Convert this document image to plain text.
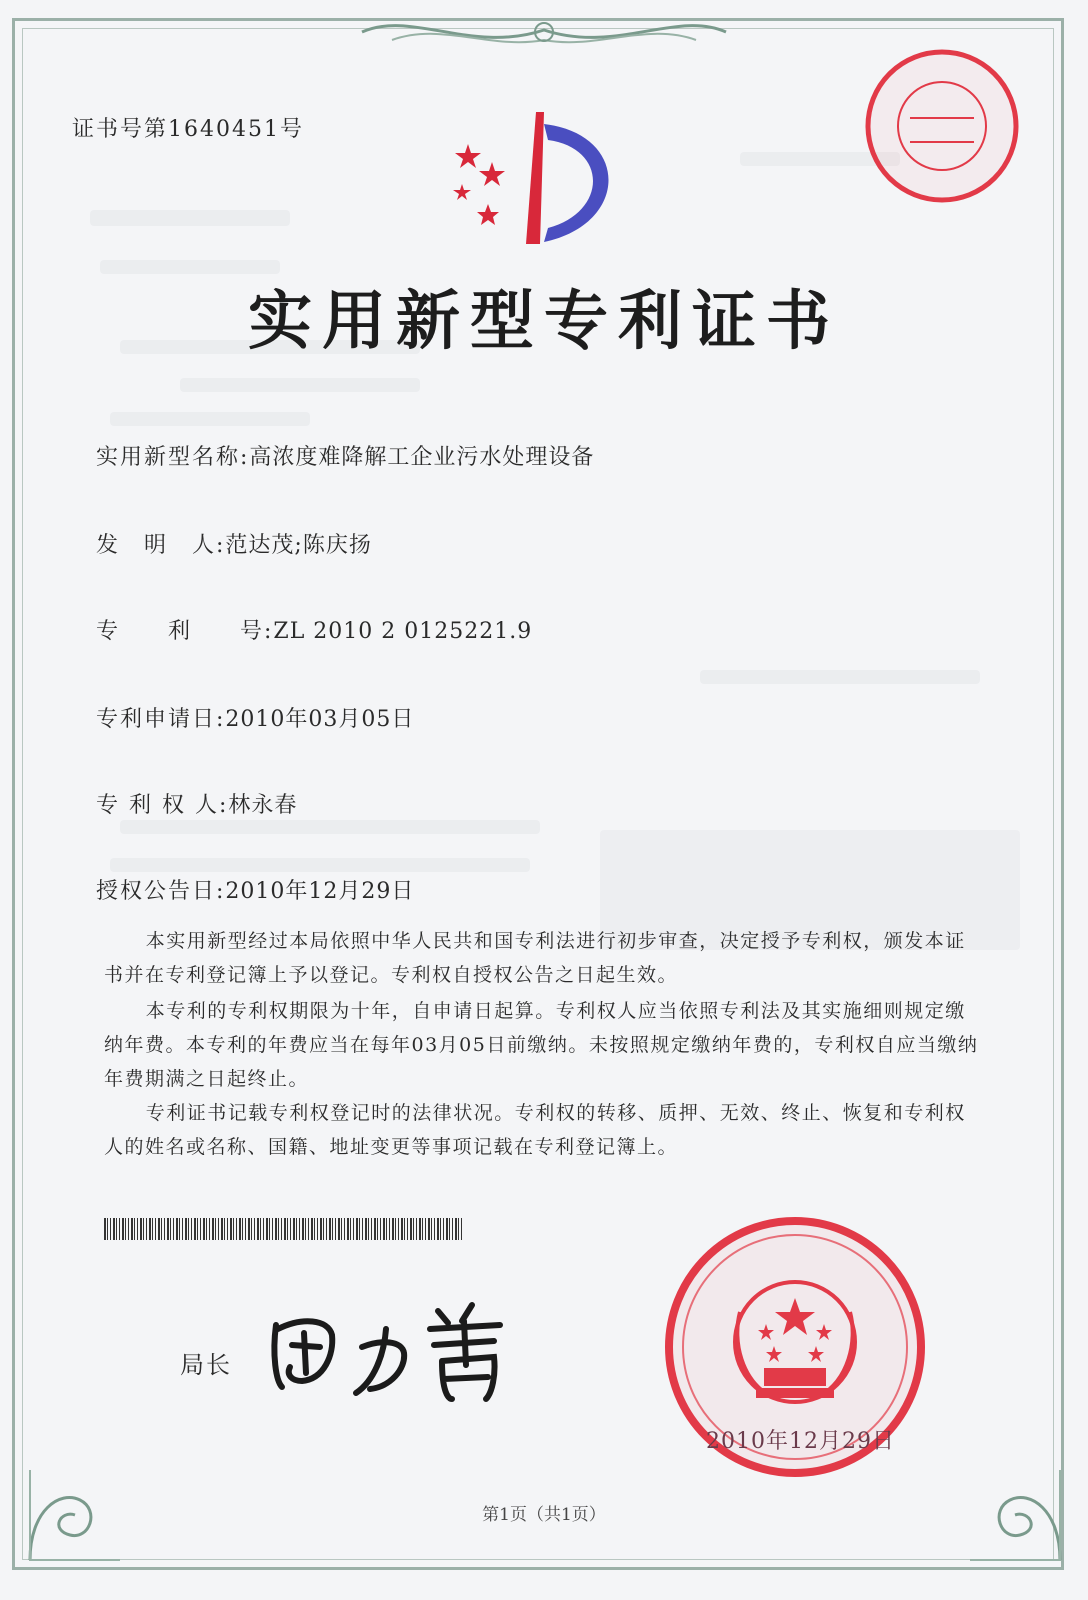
证书号第1640451号
实用新型专利证书
实用新型名称:高浓度难降解工企业污水处理设备
发　明　人:范达茂;陈庆扬
专　　利　　号:ZL 2010 2 0125221.9
专利申请日:2010年03月05日
专 利 权 人:林永春
授权公告日:2010年12月29日

本实用新型经过本局依照中华人民共和国专利法进行初步审查，决定授予专利权，颁发本证书并在专利登记簿上予以登记。专利权自授权公告之日起生效。

本专利的专利权期限为十年，自申请日起算。专利权人应当依照专利法及其实施细则规定缴纳年费。本专利的年费应当在每年03月05日前缴纳。未按照规定缴纳年费的，专利权自应当缴纳年费期满之日起终止。

专利证书记载专利权登记时的法律状况。专利权的转移、质押、无效、终止、恢复和专利权人的姓名或名称、国籍、地址变更等事项记载在专利登记簿上。

局长
2010年12月29日
第1页（共1页）
